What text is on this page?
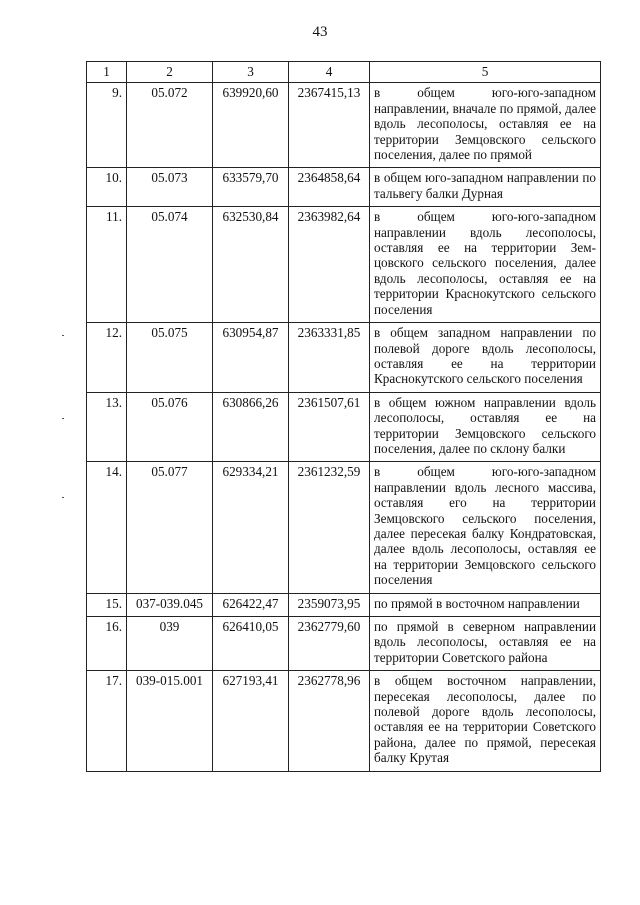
43
1	2	3	4	5
9.	05.072	639920,60	2367415,13	в общем юго-юго-западном направлении, вначале по прямой, далее вдоль лесополосы, оставляя ее на территории Земцовского сельского поселения, далее по прямой
10.	05.073	633579,70	2364858,64	в общем юго-западном направлении по тальвегу балки Дурная
11.	05.074	632530,84	2363982,64	в общем юго-юго-западном направлении вдоль лесополосы, оставляя ее на территории Земцовского сельского поселения, далее вдоль лесополосы, оставляя ее на территории Краснокутского сельского поселения
12.	05.075	630954,87	2363331,85	в общем западном направлении по полевой дороге вдоль лесополосы, оставляя ее на территории Краснокутского сельского поселения
13.	05.076	630866,26	2361507,61	в общем южном направлении вдоль лесополосы, оставляя ее на территории Земцовского сельского поселения, далее по склону балки
14.	05.077	629334,21	2361232,59	в общем юго-юго-западном направлении вдоль лесного массива, оставляя его на территории Земцовского сельского поселения, далее пересекая балку Кондратовская, далее вдоль лесополосы, оставляя ее на территории Земцовского сельского поселения
15.	037-039.045	626422,47	2359073,95	по прямой в восточном направлении
16.	039	626410,05	2362779,60	по прямой в северном направлении вдоль лесополосы, оставляя ее на территории Советского района
17.	039-015.001	627193,41	2362778,96	в общем восточном направлении, пересекая лесополосы, далее по полевой дороге вдоль лесополосы, оставляя ее на территории Советского района, далее по прямой, пересекая балку Крутая
